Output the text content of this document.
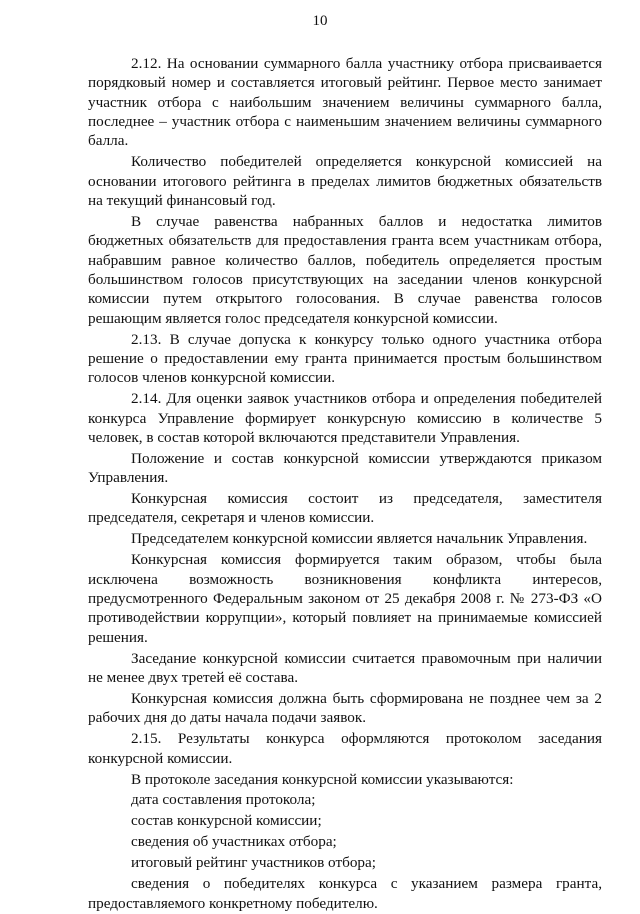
10

2.12. На основании суммарного балла участнику отбора присваивается порядковый номер и составляется итоговый рейтинг. Первое место занимает участник отбора с наибольшим значением величины суммарного балла, последнее – участник отбора с наименьшим значением величины суммарного балла.

Количество победителей определяется конкурсной комиссией на основании итогового рейтинга в пределах лимитов бюджетных обязательств на текущий финансовый год.

В случае равенства набранных баллов и недостатка лимитов бюджетных обязательств для предоставления гранта всем участникам отбора, набравшим равное количество баллов, победитель определяется простым большинством голосов присутствующих на заседании членов конкурсной комиссии путем открытого голосования. В случае равенства голосов решающим является голос председателя конкурсной комиссии.

2.13. В случае допуска к конкурсу только одного участника отбора решение о предоставлении ему гранта принимается простым большинством голосов членов конкурсной комиссии.

2.14. Для оценки заявок участников отбора и определения победителей конкурса Управление формирует конкурсную комиссию в количестве 5 человек, в состав которой включаются представители Управления.

Положение и состав конкурсной комиссии утверждаются приказом Управления.

Конкурсная комиссия состоит из председателя, заместителя председателя, секретаря и членов комиссии.

Председателем конкурсной комиссии является начальник Управления.

Конкурсная комиссия формируется таким образом, чтобы была исключена возможность возникновения конфликта интересов, предусмотренного Федеральным законом от 25 декабря 2008 г. № 273-ФЗ «О противодействии коррупции», который повлияет на принимаемые комиссией решения.

Заседание конкурсной комиссии считается правомочным при наличии не менее двух третей её состава.

Конкурсная комиссия должна быть сформирована не позднее чем за 2 рабочих дня до даты начала подачи заявок.

2.15. Результаты конкурса оформляются протоколом заседания конкурсной комиссии.

В протоколе заседания конкурсной комиссии указываются:

дата составления протокола;

состав конкурсной комиссии;

сведения об участниках отбора;

итоговый рейтинг участников отбора;

сведения о победителях конкурса с указанием размера гранта, предоставляемого конкретному победителю.
